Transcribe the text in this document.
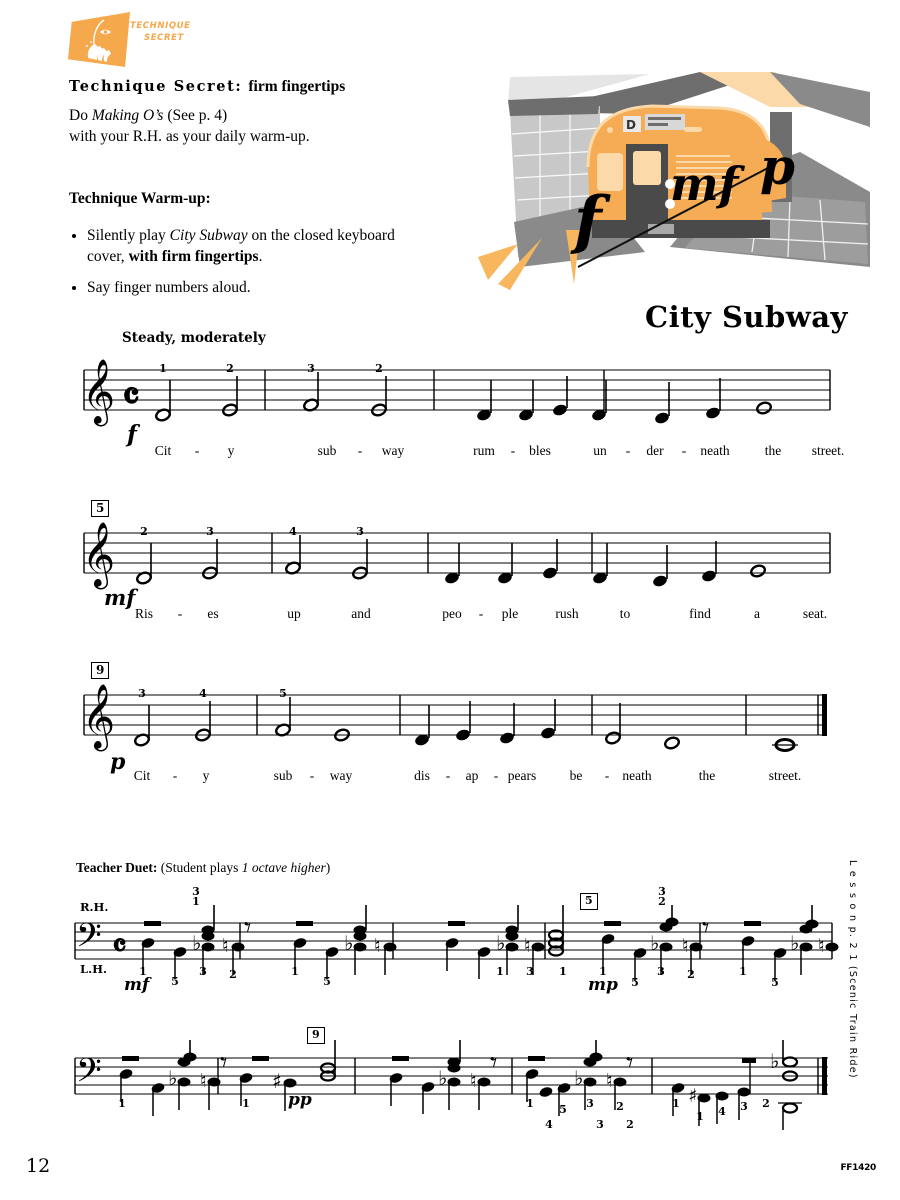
TECHNIQUE
SECRET
Technique Secret: firm fingertips
Do Making O’s (See p. 4)
with your R.H. as your daily warm-up.
Technique Warm-up:
• Silently play City Subway on the closed keyboard cover, with firm fingertips.
• Say finger numbers aloud.
D
f mf p
City Subway
Steady, moderately
𝄞 𝄴
f
1	2	3	2
Cit - y	sub - way	rum - bles	un - der - neath	the street.
5
𝄞
mf
2	3	4	3
Ris - es	up	and	peo - ple	rush	to	find	a	seat.
9
𝄞
p
3	4	5
Cit - y	sub - way	dis - ap - pears be - neath	the	street.
Teacher Duet: (Student plays 1 octave higher)
R.H.
L.H.
5
𝄢 𝄴	♭ ♮
𝄾	♭ ♮	♭ ♮	♭ ♮
𝄾	♭ ♮
1
5
3 2	1
5
1 3 1	1
5
3 2	1
5
3
1
3
2
mf	mp
9
𝄢	♭ ♮
𝄾
♯	♭ ♮
𝄾	♭ ♮
𝄾
♯
♭
pp
1	1 5 3 2
4	3 2
1
1 4 3 2
1
L e s s o n p. 2 1 (Scenic Train Ride)
12	FF1420
